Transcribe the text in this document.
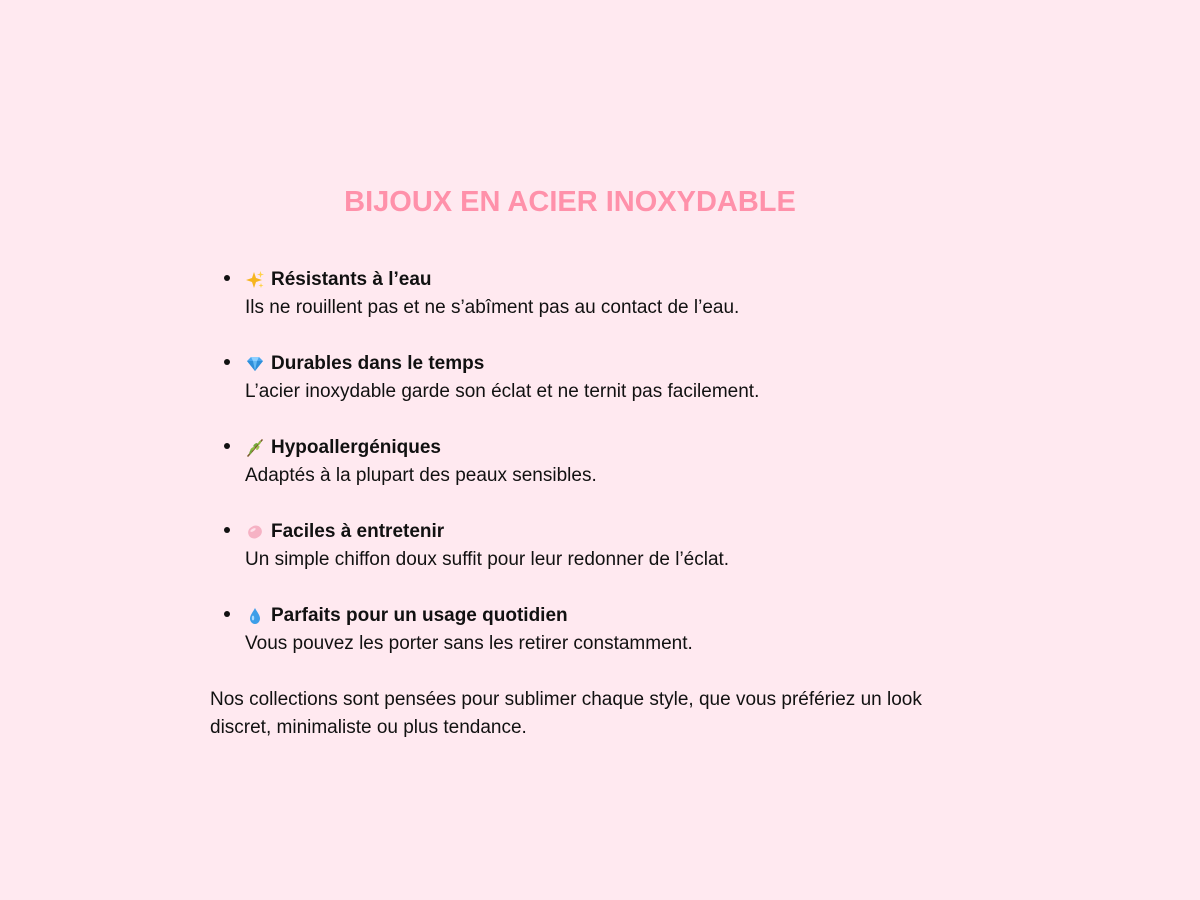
BIJOUX EN ACIER INOXYDABLE
Résistants à l’eau
Ils ne rouillent pas et ne s’abîment pas au contact de l’eau.
Durables dans le temps
L’acier inoxydable garde son éclat et ne ternit pas facilement.
Hypoallergéniques
Adaptés à la plupart des peaux sensibles.
Faciles à entretenir
Un simple chiffon doux suffit pour leur redonner de l’éclat.
Parfaits pour un usage quotidien
Vous pouvez les porter sans les retirer constamment.

Nos collections sont pensées pour sublimer chaque style, que vous préfériez un look discret, minimaliste ou plus tendance.
